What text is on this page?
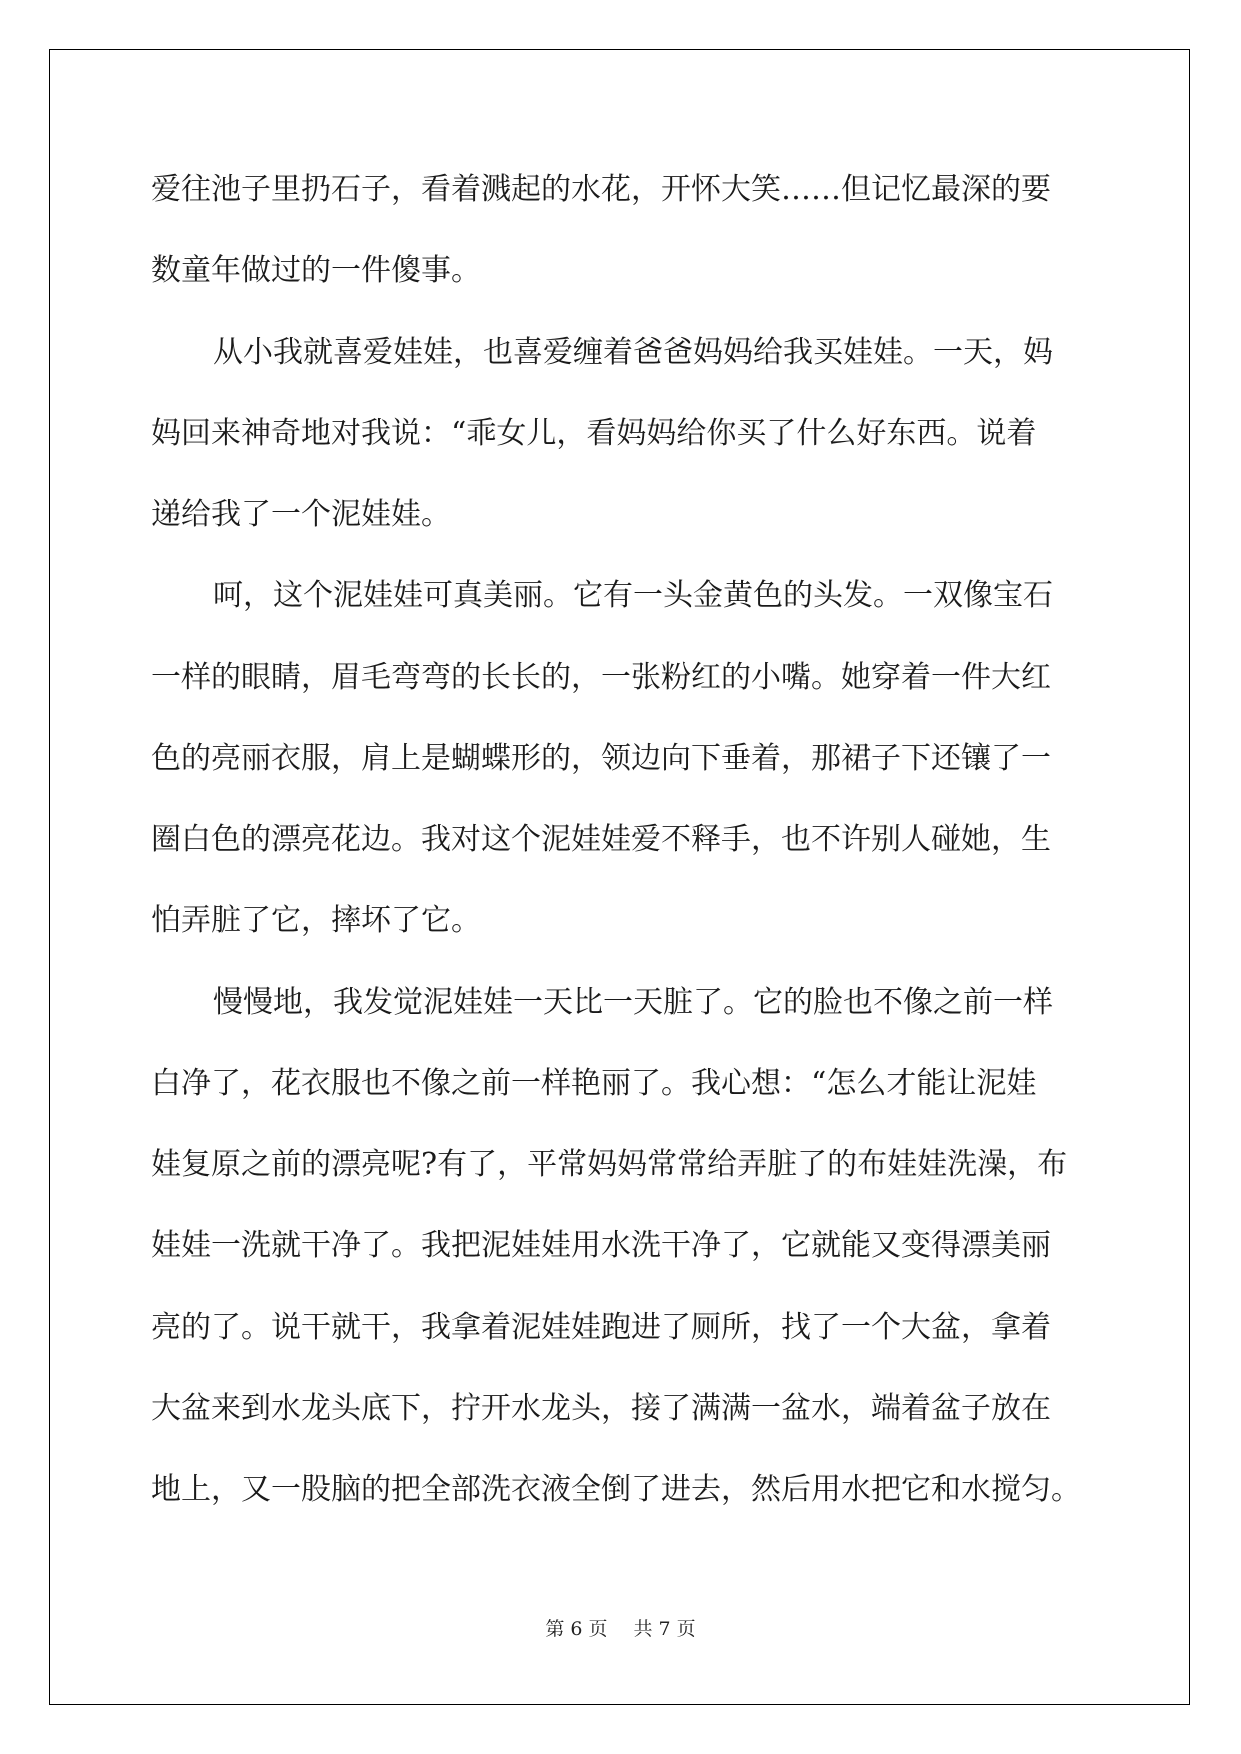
爱往池子里扔石子，看着溅起的水花，开怀大笑……但记忆最深的要
数童年做过的一件傻事。
从小我就喜爱娃娃，也喜爱缠着爸爸妈妈给我买娃娃。一天，妈
妈回来神奇地对我说：“乖女儿，看妈妈给你买了什么好东西。说着
递给我了一个泥娃娃。
呵，这个泥娃娃可真美丽。它有一头金黄色的头发。一双像宝石
一样的眼睛，眉毛弯弯的长长的，一张粉红的小嘴。她穿着一件大红
色的亮丽衣服，肩上是蝴蝶形的，领边向下垂着，那裙子下还镶了一
圈白色的漂亮花边。我对这个泥娃娃爱不释手，也不许别人碰她，生
怕弄脏了它，摔坏了它。
慢慢地，我发觉泥娃娃一天比一天脏了。它的脸也不像之前一样
白净了，花衣服也不像之前一样艳丽了。我心想：“怎么才能让泥娃
娃复原之前的漂亮呢?有了，平常妈妈常常给弄脏了的布娃娃洗澡，布
娃娃一洗就干净了。我把泥娃娃用水洗干净了，它就能又变得漂美丽
亮的了。说干就干，我拿着泥娃娃跑进了厕所，找了一个大盆，拿着
大盆来到水龙头底下，拧开水龙头，接了满满一盆水，端着盆子放在
地上，又一股脑的把全部洗衣液全倒了进去，然后用水把它和水搅匀。
第 6 页 共 7 页
